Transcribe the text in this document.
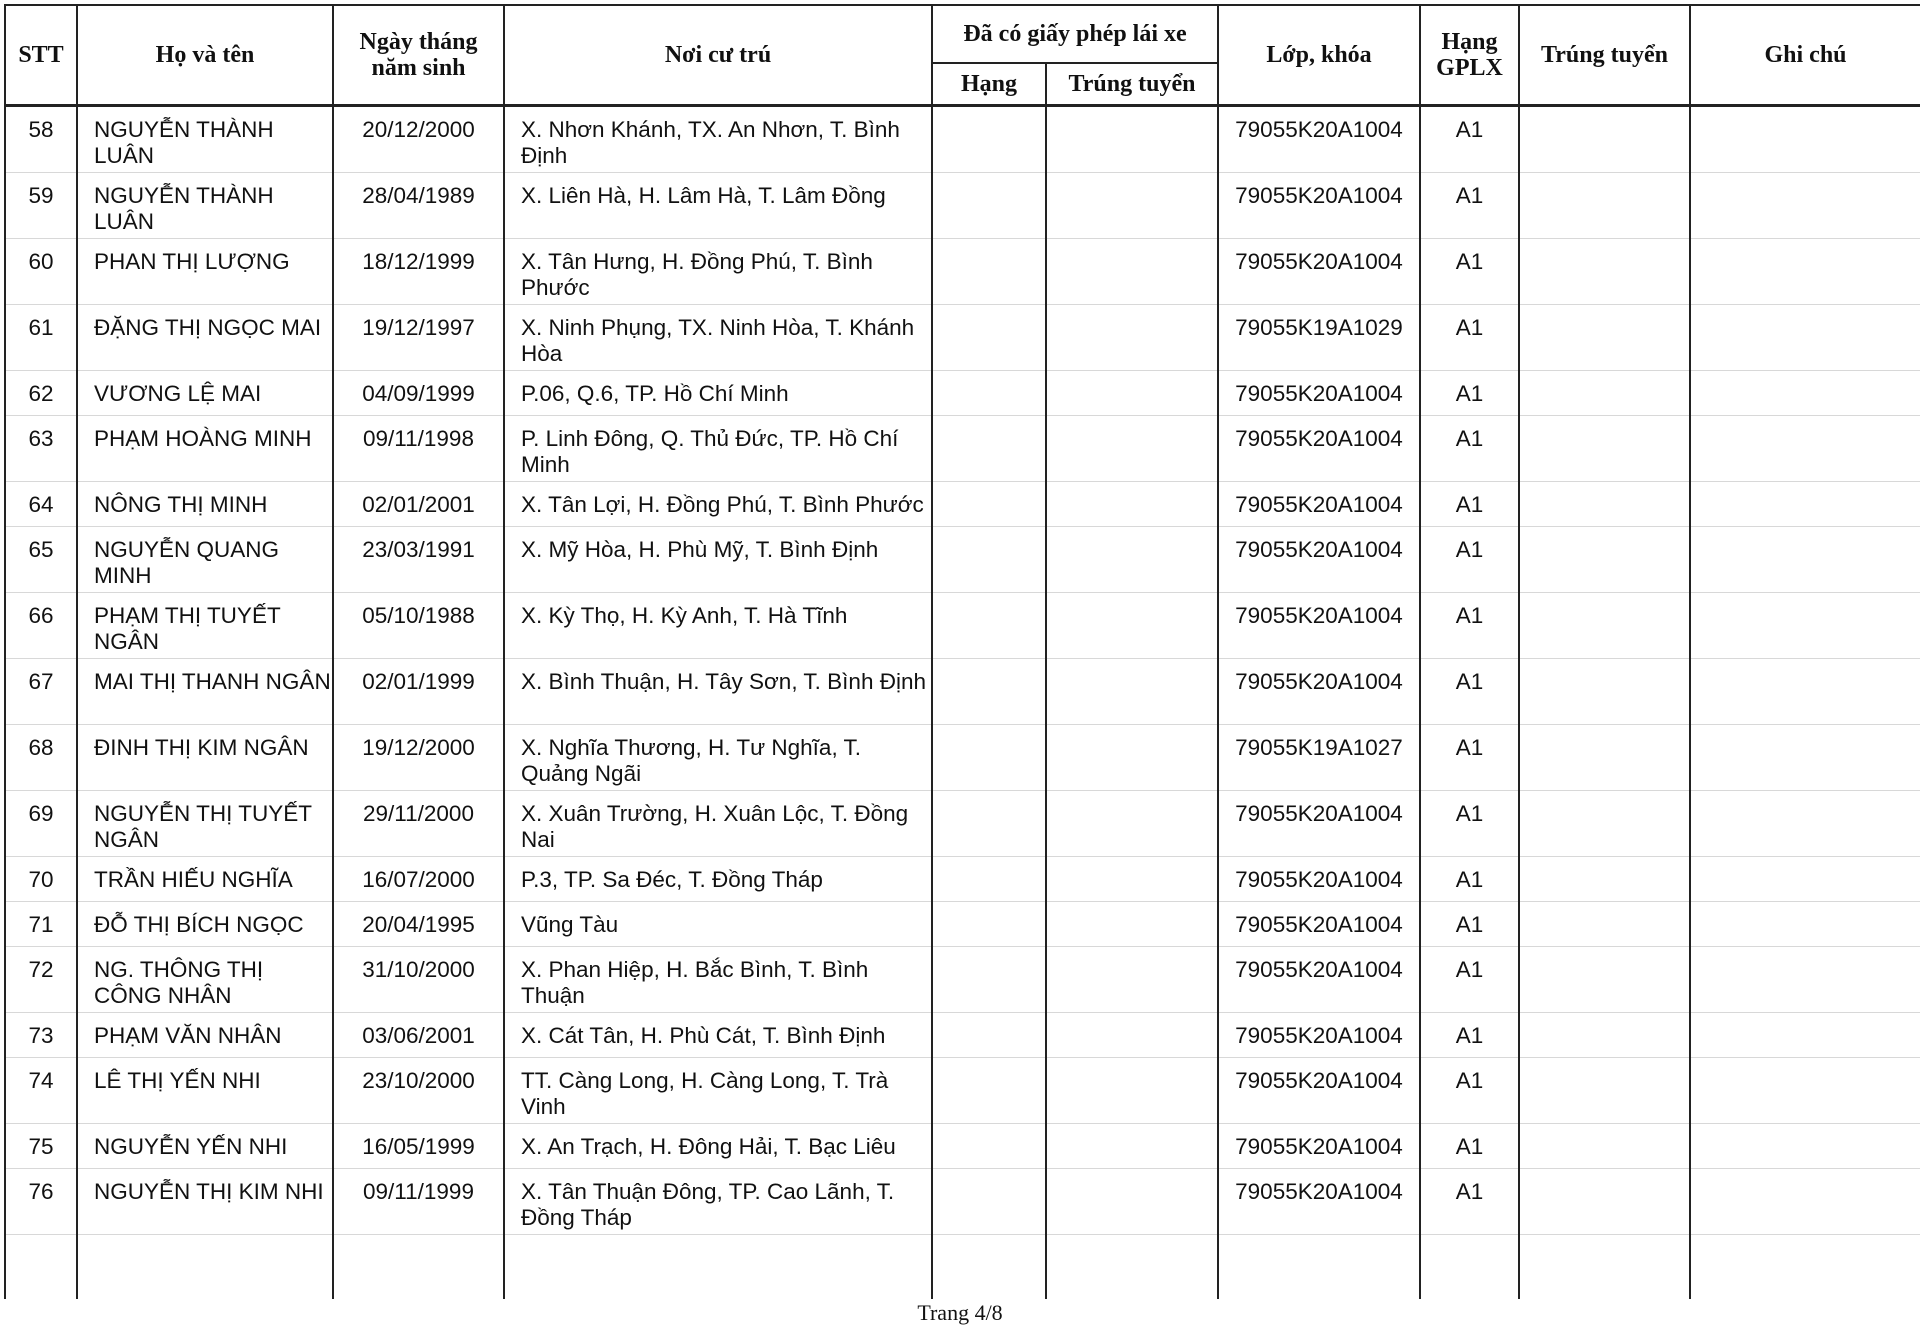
STT	Họ và tên	Ngày tháng năm sinh	Nơi cư trú	Đã có giấy phép lái xe		Lớp, khóa	Hạng GPLX	Trúng tuyển	Ghi chú
				Hạng	Trúng tuyển				
58	NGUYỄN THÀNH LUÂN	20/12/2000	X. Nhơn Khánh, TX. An Nhơn, T. Bình Định			79055K20A1004	A1		
59	NGUYỄN THÀNH LUÂN	28/04/1989	X. Liên Hà, H. Lâm Hà, T. Lâm Đồng			79055K20A1004	A1		
60	PHAN THỊ LƯỢNG	18/12/1999	X. Tân Hưng, H. Đồng Phú, T. Bình Phước			79055K20A1004	A1		
61	ĐẶNG THỊ NGỌC MAI	19/12/1997	X. Ninh Phụng, TX. Ninh Hòa, T. Khánh Hòa			79055K19A1029	A1		
62	VƯƠNG LỆ MAI	04/09/1999	P.06, Q.6, TP. Hồ Chí Minh			79055K20A1004	A1		
63	PHẠM HOÀNG MINH	09/11/1998	P. Linh Đông, Q. Thủ Đức, TP. Hồ Chí Minh			79055K20A1004	A1		
64	NÔNG THỊ MINH	02/01/2001	X. Tân Lợi, H. Đồng Phú, T. Bình Phước			79055K20A1004	A1		
65	NGUYỄN QUANG MINH	23/03/1991	X. Mỹ Hòa, H. Phù Mỹ, T. Bình Định			79055K20A1004	A1		
66	PHẠM THỊ TUYẾT NGÂN	05/10/1988	X. Kỳ Thọ, H. Kỳ Anh, T. Hà Tĩnh			79055K20A1004	A1		
67	MAI THỊ THANH NGÂN	02/01/1999	X. Bình Thuận, H. Tây Sơn, T. Bình Định			79055K20A1004	A1		
68	ĐINH THỊ KIM NGÂN	19/12/2000	X. Nghĩa Thương, H. Tư Nghĩa, T. Quảng Ngãi			79055K19A1027	A1		
69	NGUYỄN THỊ TUYẾT NGÂN	29/11/2000	X. Xuân Trường, H. Xuân Lộc, T. Đồng Nai			79055K20A1004	A1		
70	TRẦN HIẾU NGHĨA	16/07/2000	P.3, TP. Sa Đéc, T. Đồng Tháp			79055K20A1004	A1		
71	ĐỖ THỊ BÍCH NGỌC	20/04/1995	Vũng Tàu			79055K20A1004	A1		
72	NG. THÔNG THỊ CÔNG NHÂN	31/10/2000	X. Phan Hiệp, H. Bắc Bình, T. Bình Thuận			79055K20A1004	A1		
73	PHẠM VĂN NHÂN	03/06/2001	X. Cát Tân, H. Phù Cát, T. Bình Định			79055K20A1004	A1		
74	LÊ THỊ YẾN NHI	23/10/2000	TT. Càng Long, H. Càng Long, T. Trà Vinh			79055K20A1004	A1		
75	NGUYỄN YẾN NHI	16/05/1999	X. An Trạch, H. Đông Hải, T. Bạc Liêu			79055K20A1004	A1		
76	NGUYỄN THỊ KIM NHI	09/11/1999	X. Tân Thuận Đông, TP. Cao Lãnh, T. Đồng Tháp			79055K20A1004	A1		

Trang 4/8
